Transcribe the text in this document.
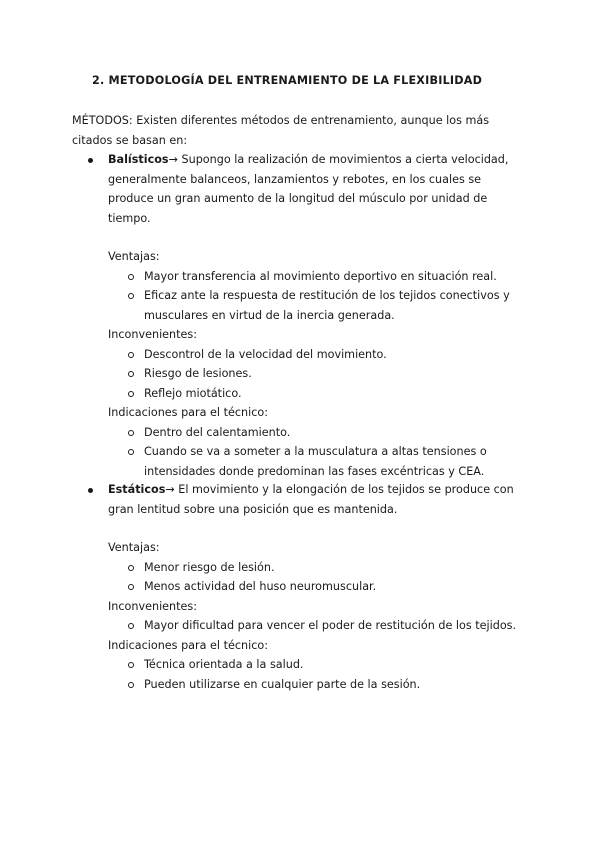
2. METODOLOGÍA DEL ENTRENAMIENTO DE LA FLEXIBILIDAD
MÉTODOS: Existen diferentes métodos de entrenamiento, aunque los más citados se basan en:
Balísticos→ Supongo la realización de movimientos a cierta velocidad, generalmente balanceos, lanzamientos y rebotes, en los cuales se produce un gran aumento de la longitud del músculo por unidad de tiempo.
Ventajas:
Mayor transferencia al movimiento deportivo en situación real.
Eficaz ante la respuesta de restitución de los tejidos conectivos y musculares en virtud de la inercia generada.
Inconvenientes:
Descontrol de la velocidad del movimiento.
Riesgo de lesiones.
Reflejo miotático.
Indicaciones para el técnico:
Dentro del calentamiento.
Cuando se va a someter a la musculatura a altas tensiones o intensidades donde predominan las fases excéntricas y CEA.
Estáticos→ El movimiento y la elongación de los tejidos se produce con gran lentitud sobre una posición que es mantenida.
Ventajas:
Menor riesgo de lesión.
Menos actividad del huso neuromuscular.
Inconvenientes:
Mayor dificultad para vencer el poder de restitución de los tejidos.
Indicaciones para el técnico:
Técnica orientada a la salud.
Pueden utilizarse en cualquier parte de la sesión.
